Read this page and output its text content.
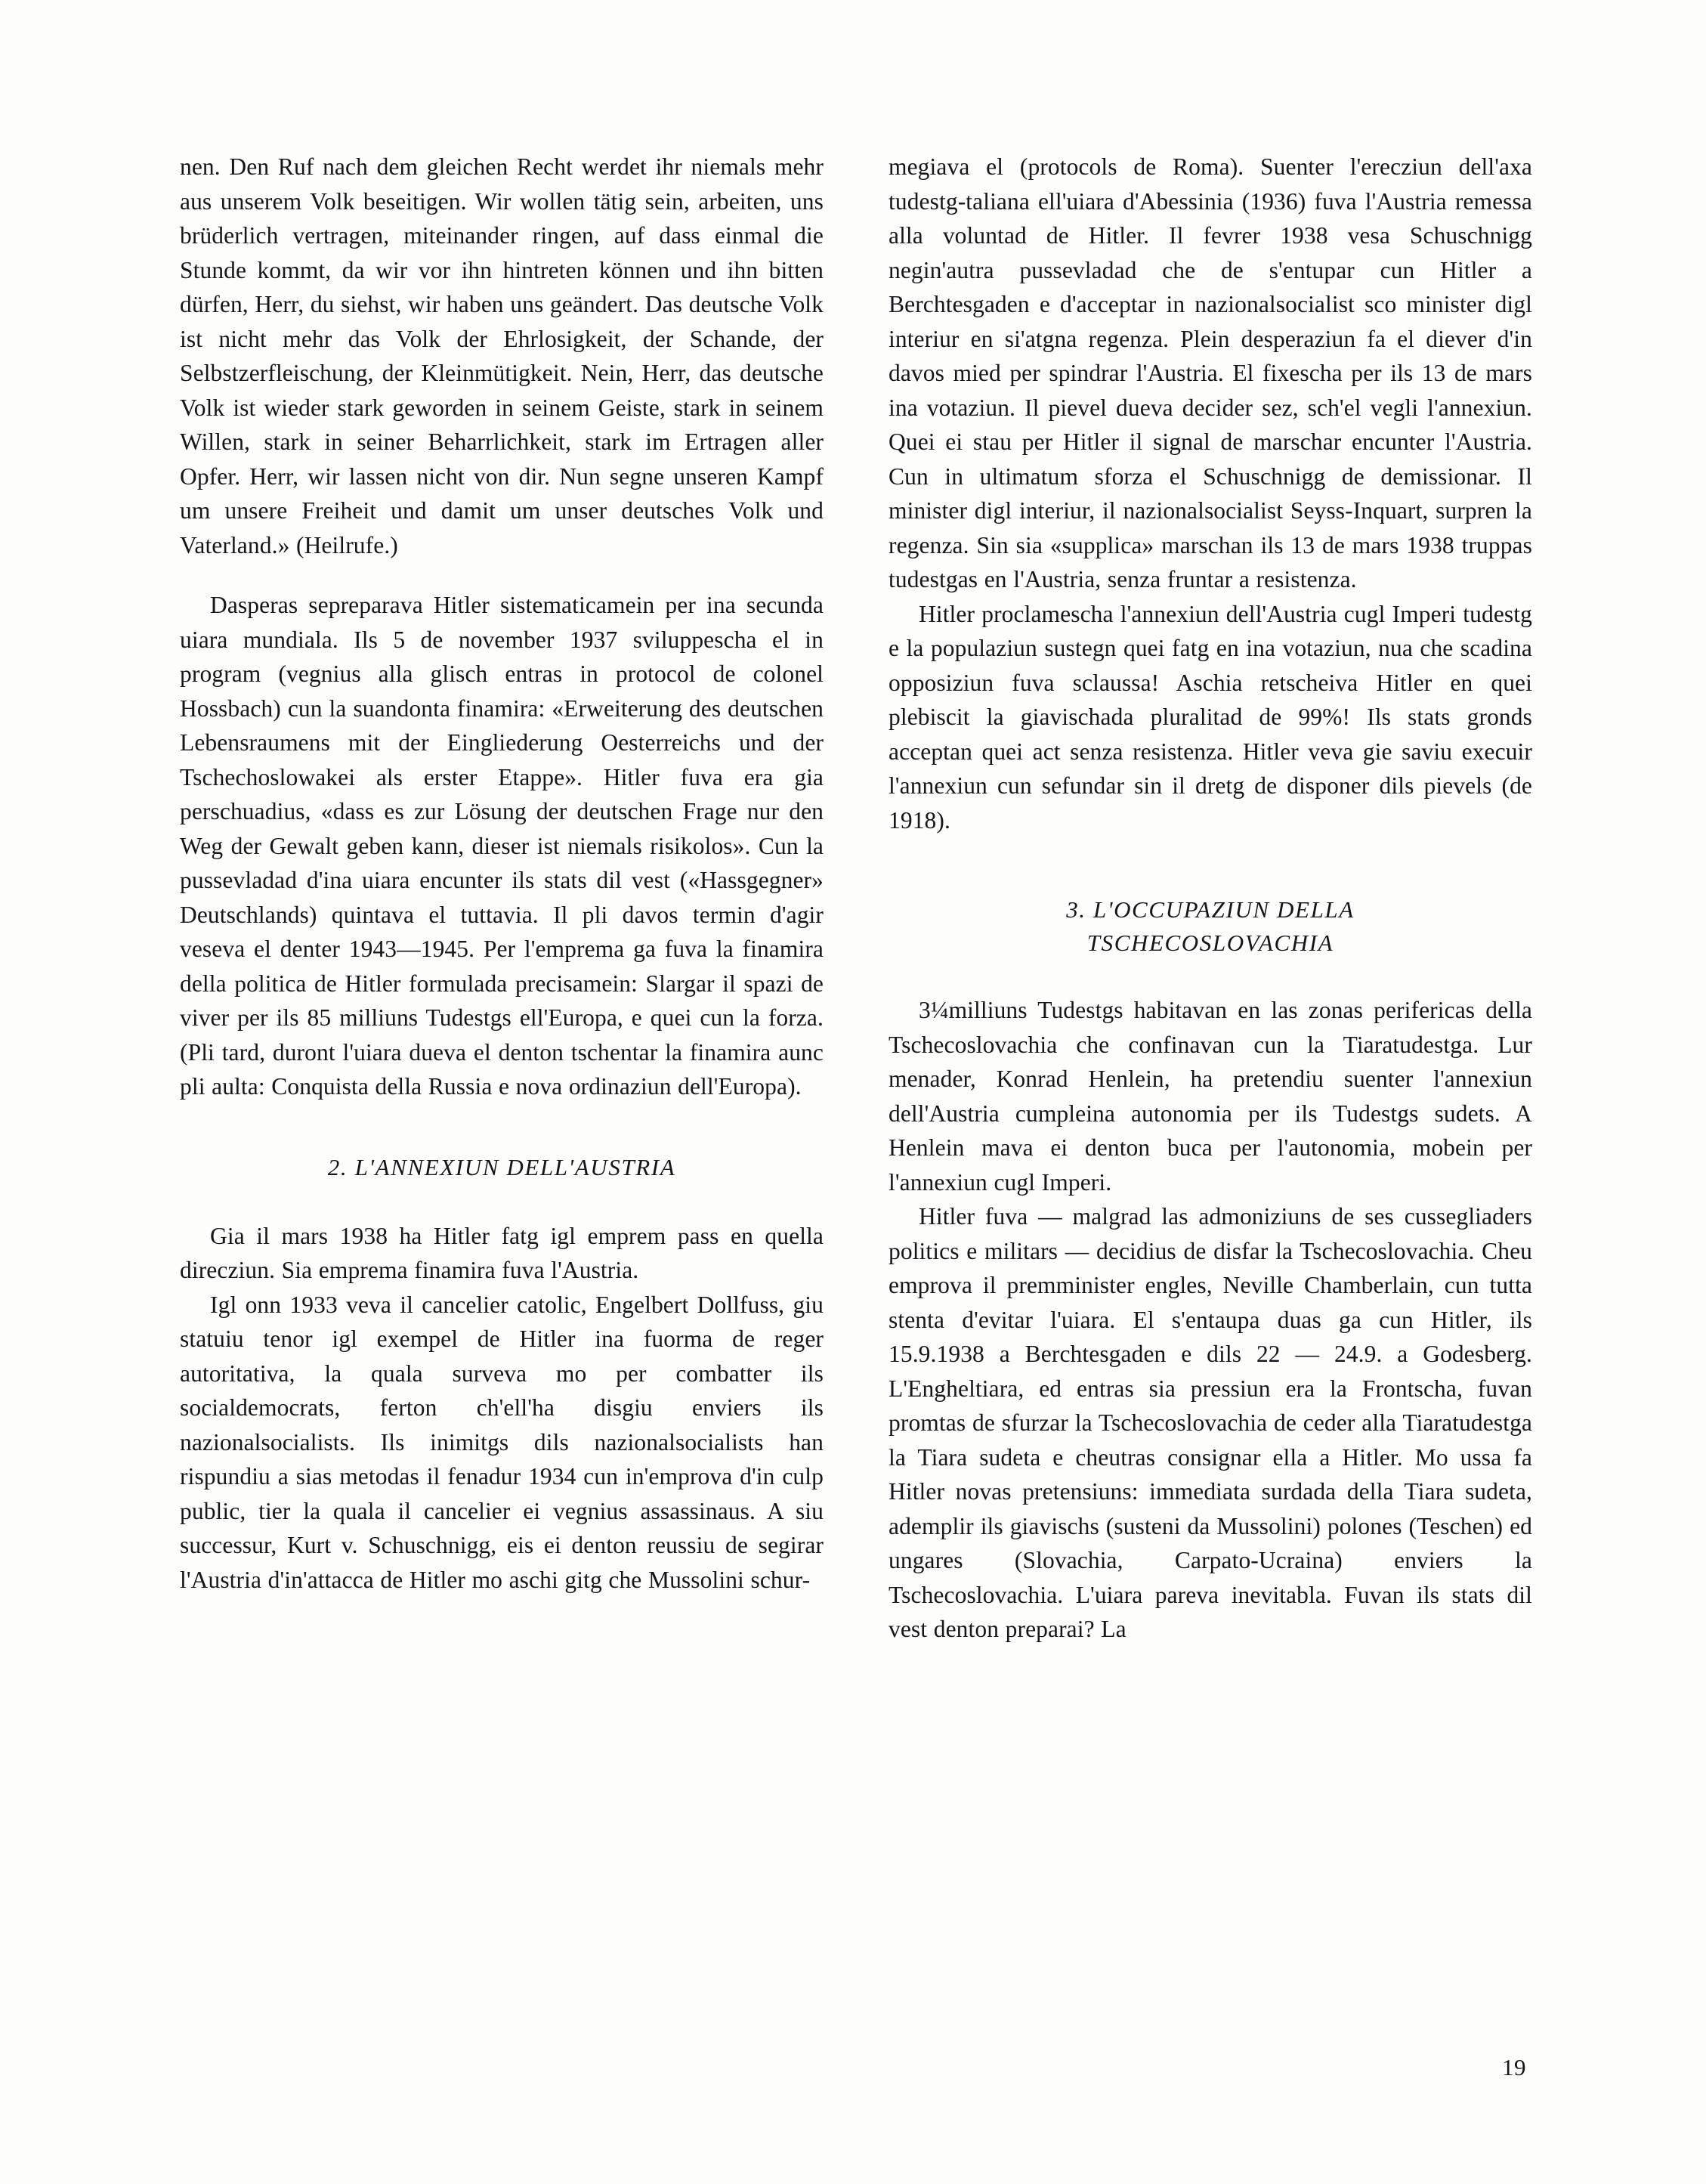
nen. Den Ruf nach dem gleichen Recht werdet ihr niemals mehr aus unserem Volk beseitigen. Wir wollen tätig sein, arbeiten, uns brüderlich vertragen, miteinander ringen, auf dass einmal die Stunde kommt, da wir vor ihn hintreten können und ihn bitten dürfen, Herr, du siehst, wir haben uns geändert. Das deutsche Volk ist nicht mehr das Volk der Ehrlosigkeit, der Schande, der Selbstzerfleischung, der Kleinmütigkeit. Nein, Herr, das deutsche Volk ist wieder stark geworden in seinem Geiste, stark in seinem Willen, stark in seiner Beharrlichkeit, stark im Ertragen aller Opfer. Herr, wir lassen nicht von dir. Nun segne unseren Kampf um unsere Freiheit und damit um unser deutsches Volk und Vaterland.» (Heilrufe.)

Dasperas sepreparava Hitler sistematicamein per ina secunda uiara mundiala. Ils 5 de november 1937 sviluppescha el in program (vegnius alla glisch entras in protocol de colonel Hossbach) cun la suandonta finamira: «Erweiterung des deutschen Lebensraumens mit der Eingliederung Oesterreichs und der Tschechoslowakei als erster Etappe». Hitler fuva era gia perschuadius, «dass es zur Lösung der deutschen Frage nur den Weg der Gewalt geben kann, dieser ist niemals risikolos». Cun la pussevladad d'ina uiara encunter ils stats dil vest («Hassgegner» Deutschlands) quintava el tuttavia. Il pli davos termin d'agir veseva el denter 1943—1945. Per l'emprema ga fuva la finamira della politica de Hitler formulada precisamein: Slargar il spazi de viver per ils 85 milliuns Tudestgs ell'Europa, e quei cun la forza. (Pli tard, duront l'uiara dueva el denton tschentar la finamira aunc pli aulta: Conquista della Russia e nova ordinaziun dell'Europa).

2. L'ANNEXIUN DELL'AUSTRIA

Gia il mars 1938 ha Hitler fatg igl emprem pass en quella direcziun. Sia emprema finamira fuva l'Austria.

Igl onn 1933 veva il cancelier catolic, Engelbert Dollfuss, giu statuiu tenor igl exempel de Hitler ina fuorma de reger autoritativa, la quala surveva mo per combatter ils socialdemocrats, ferton ch'ell'ha disgiu enviers ils nazionalsocialists. Ils inimitgs dils nazionalsocialists han rispundiu a sias metodas il fenadur 1934 cun in'emprova d'in culp public, tier la quala il cancelier ei vegnius assassinaus. A siu successur, Kurt v. Schuschnigg, eis ei denton reussiu de segirar l'Austria d'in'attacca de Hitler mo aschi gitg che Mussolini schur-

megiava el (protocols de Roma). Suenter l'erecziun dell'axa tudestg-taliana ell'uiara d'Abessinia (1936) fuva l'Austria remessa alla voluntad de Hitler. Il fevrer 1938 vesa Schuschnigg negin'autra pussevladad che de s'entupar cun Hitler a Berchtesgaden e d'acceptar in nazionalsocialist sco minister digl interiur en si'atgna regenza. Plein desperaziun fa el diever d'in davos mied per spindrar l'Austria. El fixescha per ils 13 de mars ina votaziun. Il pievel dueva decider sez, sch'el vegli l'annexiun. Quei ei stau per Hitler il signal de marschar encunter l'Austria. Cun in ultimatum sforza el Schuschnigg de demissionar. Il minister digl interiur, il nazionalsocialist Seyss-Inquart, surpren la regenza. Sin sia «supplica» marschan ils 13 de mars 1938 truppas tudestgas en l'Austria, senza fruntar a resistenza.

Hitler proclamescha l'annexiun dell'Austria cugl Imperi tudestg e la populaziun sustegn quei fatg en ina votaziun, nua che scadina opposiziun fuva sclaussa! Aschia retscheiva Hitler en quei plebiscit la giavischada pluralitad de 99%! Ils stats gronds acceptan quei act senza resistenza. Hitler veva gie saviu execuir l'annexiun cun sefundar sin il dretg de disponer dils pievels (de 1918).

3. L'OCCUPAZIUN DELLA
TSCHECOSLOVACHIA

3¼milliuns Tudestgs habitavan en las zonas perifericas della Tschecoslovachia che confinavan cun la Tiaratudestga. Lur menader, Konrad Henlein, ha pretendiu suenter l'annexiun dell'Austria cumpleina autonomia per ils Tudestgs sudets. A Henlein mava ei denton buca per l'autonomia, mobein per l'annexiun cugl Imperi.

Hitler fuva — malgrad las admoniziuns de ses cussegliaders politics e militars — decidius de disfar la Tschecoslovachia. Cheu emprova il premminister engles, Neville Chamberlain, cun tutta stenta d'evitar l'uiara. El s'entaupa duas ga cun Hitler, ils 15.9.1938 a Berchtesgaden e dils 22 — 24.9. a Godesberg. L'Engheltiara, ed entras sia pressiun era la Frontscha, fuvan promtas de sfurzar la Tschecoslovachia de ceder alla Tiaratudestga la Tiara sudeta e cheutras consignar ella a Hitler. Mo ussa fa Hitler novas pretensiuns: immediata surdada della Tiara sudeta, ademplir ils giavischs (susteni da Mussolini) polones (Teschen) ed ungares (Slovachia, Carpato-Ucraina) enviers la Tschecoslovachia. L'uiara pareva inevitabla. Fuvan ils stats dil vest denton preparai? La

19
